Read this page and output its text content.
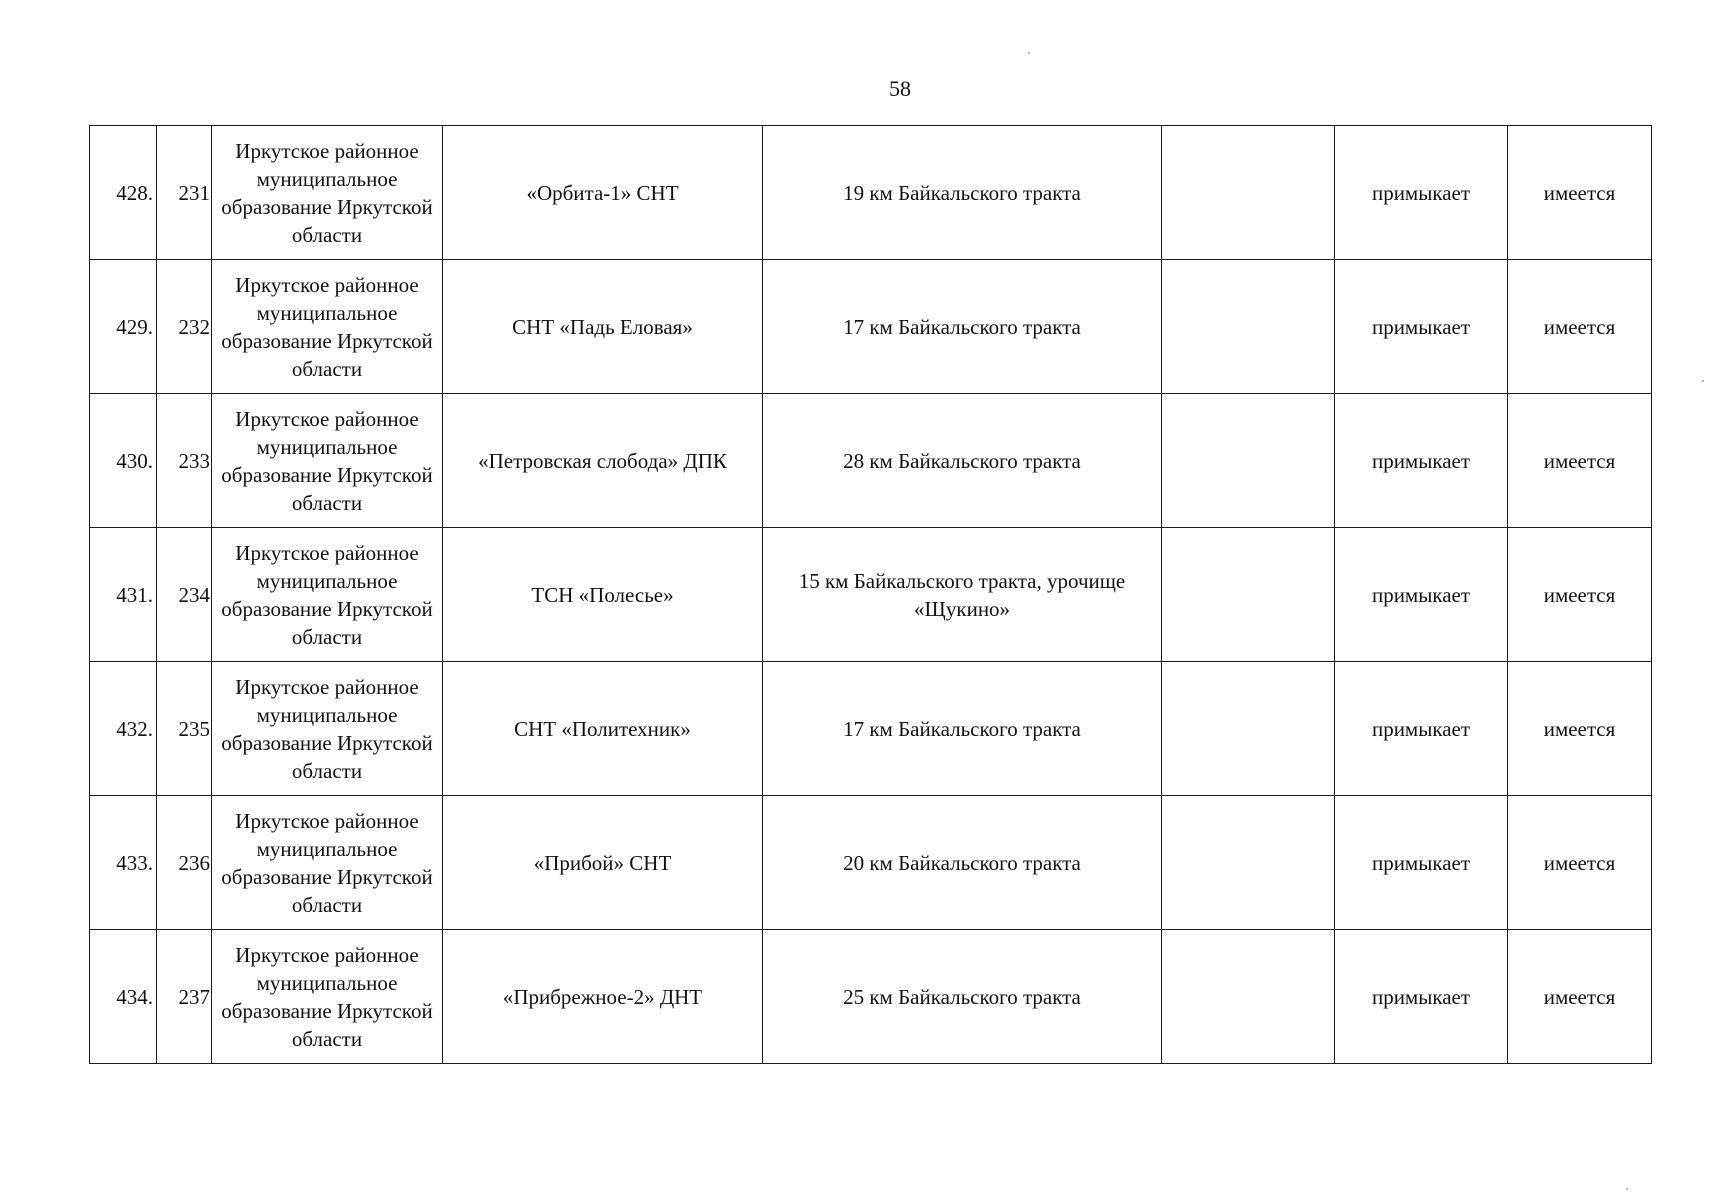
58
428.	231	Иркутское районное муниципальное образование Иркутской области	«Орбита-1» СНТ	19 км Байкальского тракта		примыкает	имеется
429.	232	Иркутское районное муниципальное образование Иркутской области	СНТ «Падь Еловая»	17 км Байкальского тракта		примыкает	имеется
430.	233	Иркутское районное муниципальное образование Иркутской области	«Петровская слобода» ДПК	28 км Байкальского тракта		примыкает	имеется
431.	234	Иркутское районное муниципальное образование Иркутской области	ТСН «Полесье»	15 км Байкальского тракта, урочище «Щукино»		примыкает	имеется
432.	235	Иркутское районное муниципальное образование Иркутской области	СНТ «Политехник»	17 км Байкальского тракта		примыкает	имеется
433.	236	Иркутское районное муниципальное образование Иркутской области	«Прибой» СНТ	20 км Байкальского тракта		примыкает	имеется
434.	237	Иркутское районное муниципальное образование Иркутской области	«Прибрежное-2» ДНТ	25 км Байкальского тракта		примыкает	имеется
